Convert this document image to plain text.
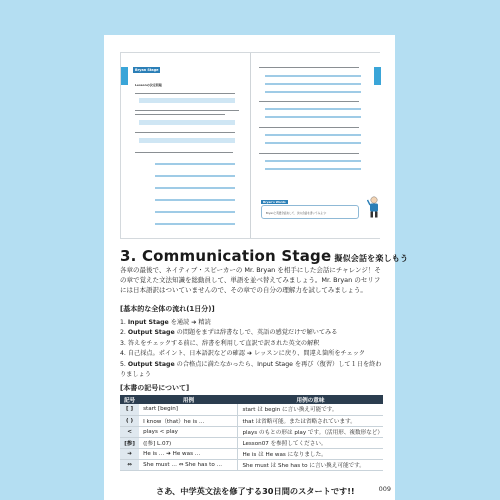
Bryan Stage
Lessonの決定問題
Bryan's Words
Bryanと英語会話をして、次の会話を書いてみよう!
3. Communication Stage 擬似会話を楽しもう

各章の最後で、ネイティブ・スピーカーの Mr. Bryan を相手にした会話にチャレンジ！その章で覚えた文法知識を総動員して、単語を並べ替えてみましょう。Mr. Bryan のセリフには日本語訳はついていませんので、その章での自分の理解力を試してみましょう。

[基本的な全体の流れ(1日分)]
1. Input Stage を通読 ➔ 精読
2. Output Stage の問題をまずは辞書なしで、英語の感覚だけで解いてみる
3. 答えをチェックする前に、辞書を利用して直訳で訳された英文の解釈
4. 自己採点。ポイント、日本語訳などの確認 ➔ レッスンに戻り、間違え箇所をチェック
5. Output Stage の合格点に満たなかったら、Input Stage を再び（復習）して１日を終わりましょう
[本書の記号について]
記号	用例	用例の意味
[ ]	start [begin]	start は begin に言い換え可能です。
( )	I know（that）he is …	that は省略可能。または省略されています。
<	plays < play	plays のもとの形は play です。（活用形、複数形など）
[参]	([参] L.07)	Lesson07 を参照してください。
➔	He is … ➔ He was …	He is は He was になりました。
⇔	She must … ⇔ She has to …	She must は She has to に言い換え可能です。
さあ、中学英文法を修了する30日間のスタートです!!	009
